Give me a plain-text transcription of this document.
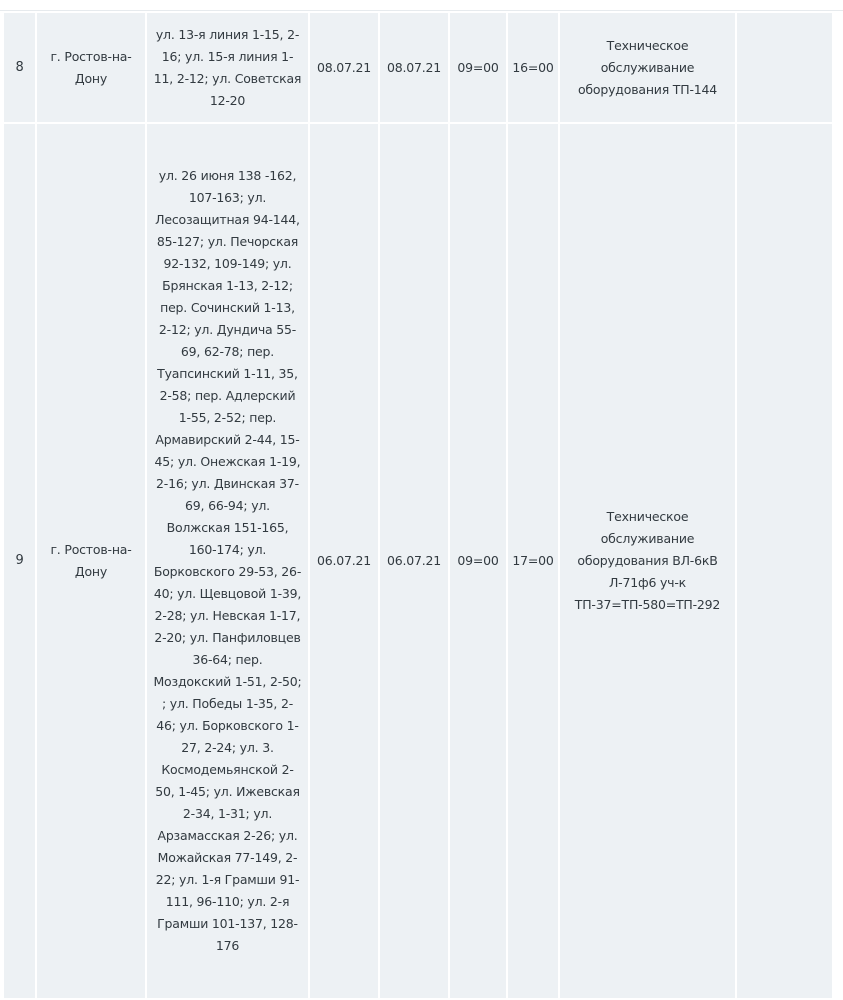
8	г. Ростов-на-Дону	ул. 13-я линия 1-15, 2-16; ул. 15-я линия 1-11, 2-12; ул. Советская 12-20	08.07.21	08.07.21	09=00	16=00	Техническое обслуживание оборудования ТП-144	
9	г. Ростов-на-Дону	ул. 26 июня 138 -162, 107-163; ул. Лесозащитная 94-144, 85-127; ул. Печорская 92-132, 109-149; ул. Брянская 1-13, 2-12; пер. Сочинский 1-13, 2-12; ул. Дундича 55-69, 62-78; пер. Туапсинский 1-11, 35, 2-58; пер. Адлерский 1-55, 2-52; пер. Армавирский 2-44, 15-45; ул. Онежская 1-19, 2-16; ул. Двинская 37-69, 66-94; ул. Волжская 151-165, 160-174; ул. Борковского 29-53, 26-40; ул. Щевцовой 1-39, 2-28; ул. Невская 1-17, 2-20; ул. Панфиловцев 36-64; пер. Моздокский 1-51, 2-50; ; ул. Победы 1-35, 2-46; ул. Борковского 1-27, 2-24; ул. 3. Космодемьянской 2-50, 1-45; ул. Ижевская 2-34, 1-31; ул. Арзамасская 2-26; ул. Можайская 77-149, 2-22; ул. 1-я Грамши 91-111, 96-110; ул. 2-я Грамши 101-137, 128-176	06.07.21	06.07.21	09=00	17=00	Техническое обслуживание оборудования ВЛ-6кВ Л-71ф6 уч-к ТП-37=ТП-580=ТП-292	
